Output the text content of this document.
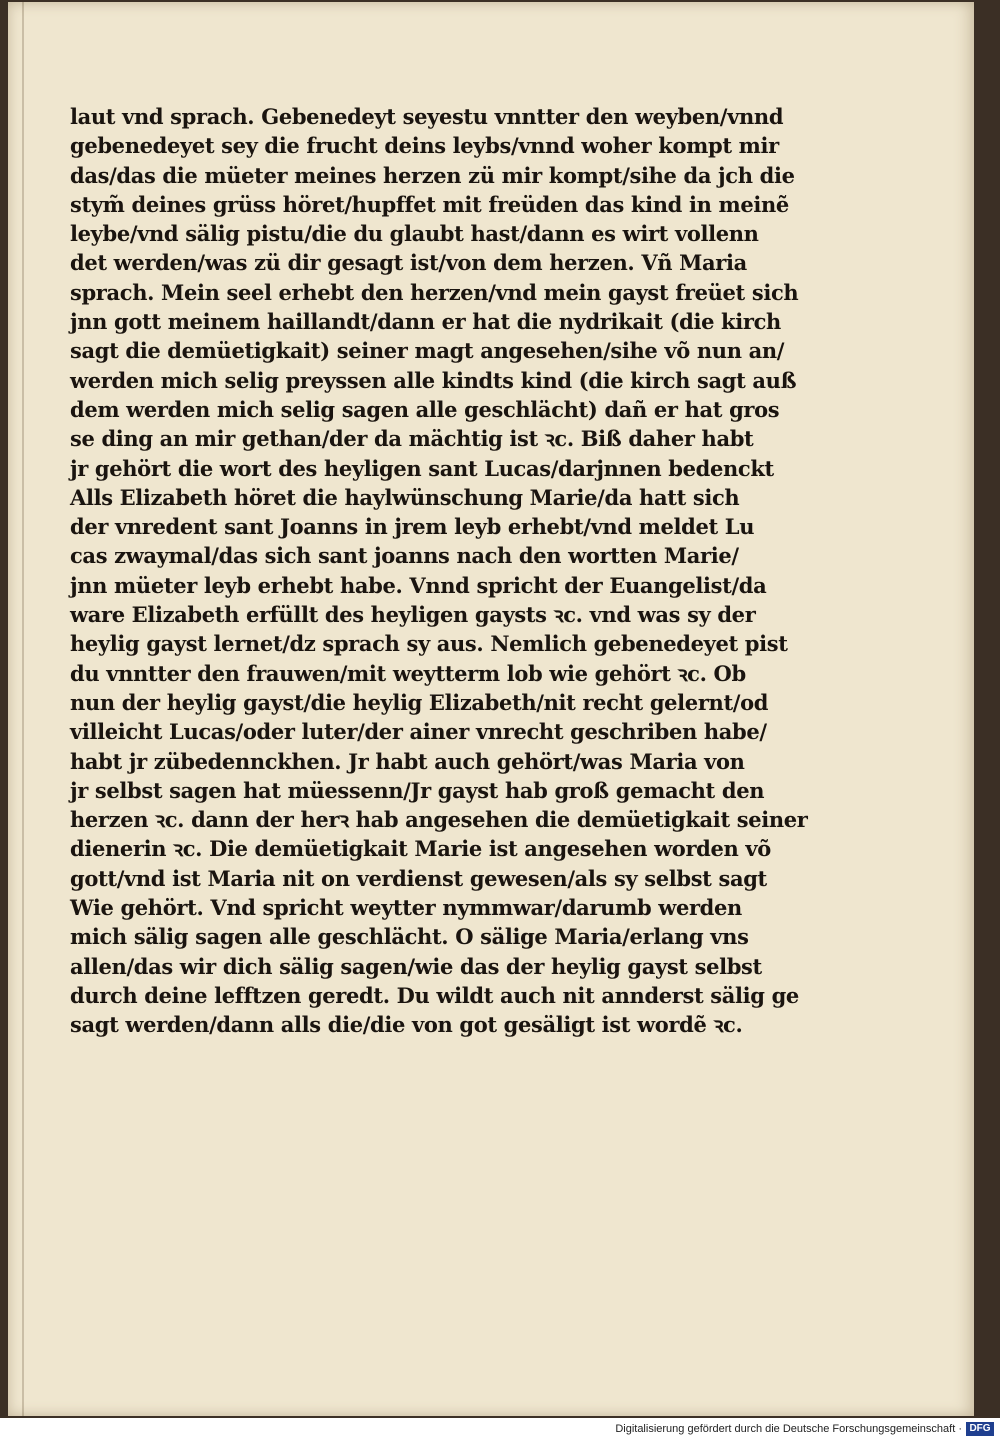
laut vnd sprach. Gebenedeyt seyestu vnntter den weyben/vnnd
gebenedeyet sey die frucht deins leybs/vnnd woher kompt mir
das/das die müeter meines herzen zü mir kompt/sihe da jch die
stym̃ deines grüss höret/hupffet mit freüden das kind in meinẽ
leybe/vnd sälig pistu/die du glaubt hast/dann es wirt vollenn
det werden/was zü dir gesagt ist/von dem herzen. Vñ Maria
sprach. Mein seel erhebt den herzen/vnd mein gayst freüet sich
jnn gott meinem haillandt/dann er hat die nydrikait (die kirch
sagt die demüetigkait) seiner magt angesehen/sihe võ nun an/
werden mich selig preyssen alle kindts kind (die kirch sagt auß
dem werden mich selig sagen alle geschlächt) dañ er hat gros
se ding an mir gethan/der da mächtig ist ꝛc. Biß daher habt
jr gehört die wort des heyligen sant Lucas/darjnnen bedenckt
Alls Elizabeth höret die haylwünschung Marie/da hatt sich
der vnredent sant Joanns in jrem leyb erhebt/vnd meldet Lu
cas zwaymal/das sich sant joanns nach den wortten Marie/
jnn müeter leyb erhebt habe. Vnnd spricht der Euangelist/da
ware Elizabeth erfüllt des heyligen gaysts ꝛc. vnd was sy der
heylig gayst lernet/dz sprach sy aus. Nemlich gebenedeyet pist
du vnntter den frauwen/mit weytterm lob wie gehört ꝛc. Ob
nun der heylig gayst/die heylig Elizabeth/nit recht gelernt/od
villeicht Lucas/oder luter/der ainer vnrecht geschriben habe/
habt jr zübedennckhen. Jr habt auch gehört/was Maria von
jr selbst sagen hat müessenn/Jr gayst hab groß gemacht den
herzen ꝛc. dann der herꝛ hab angesehen die demüetigkait seiner
dienerin ꝛc. Die demüetigkait Marie ist angesehen worden võ
gott/vnd ist Maria nit on verdienst gewesen/als sy selbst sagt
Wie gehört. Vnd spricht weytter nymmwar/darumb werden
mich sälig sagen alle geschlächt. O sälige Maria/erlang vns
allen/das wir dich sälig sagen/wie das der heylig gayst selbst
durch deine lefftzen geredt. Du wildt auch nit annderst sälig ge
sagt werden/dann alls die/die von got gesäligt ist wordẽ ꝛc.
Digitalisierung gefördert durch die Deutsche Forschungsgemeinschaft · DFG
